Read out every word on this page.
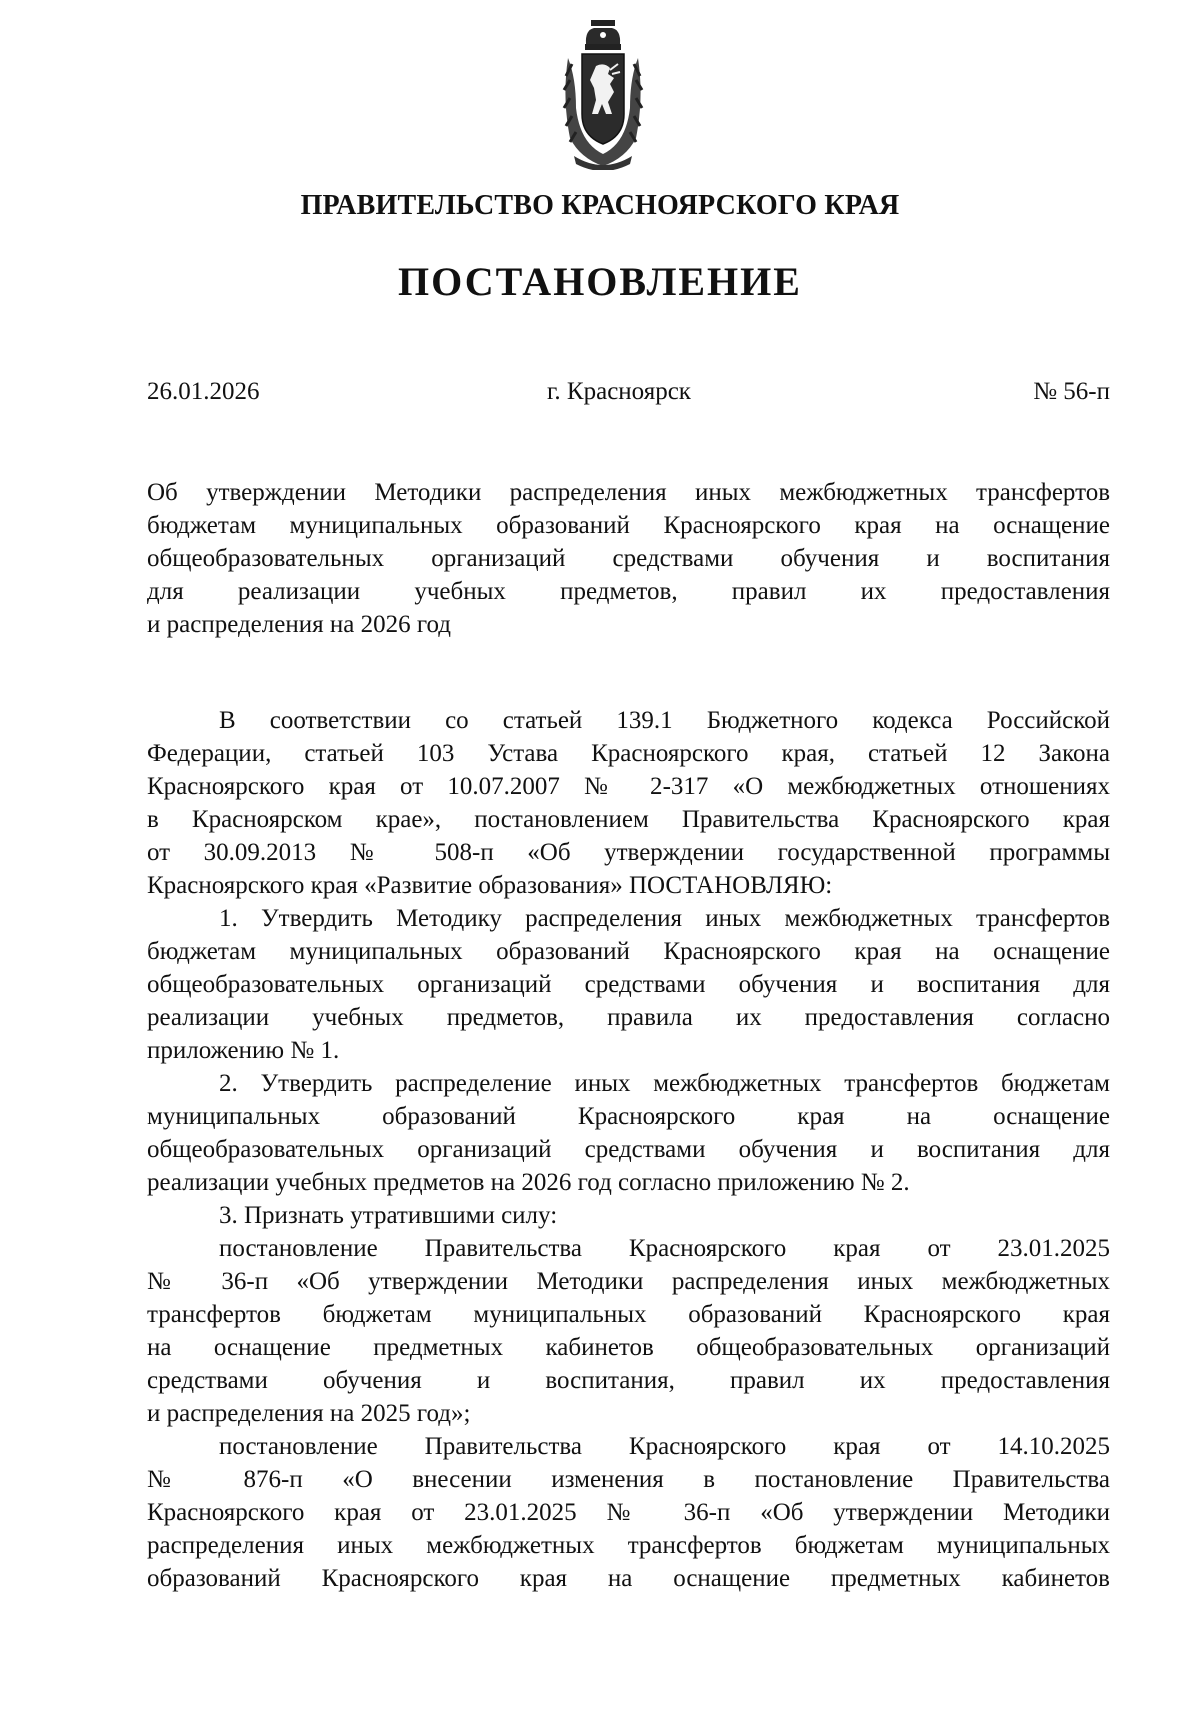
ПРАВИТЕЛЬСТВО КРАСНОЯРСКОГО КРАЯ
ПОСТАНОВЛЕНИЕ
26.01.2026	г. Красноярск	№ 56-п
Об утверждении Методики распределения иных межбюджетных трансфертов
бюджетам муниципальных образований Красноярского края на оснащение
общеобразовательных организаций средствами обучения и воспитания
для реализации учебных предметов, правил их предоставления
и распределения на 2026 год
В соответствии со статьей 139.1 Бюджетного кодекса Российской
Федерации, статьей 103 Устава Красноярского края, статьей 12 Закона
Красноярского края от 10.07.2007 № 2-317 «О межбюджетных отношениях
в Красноярском крае», постановлением Правительства Красноярского края
от 30.09.2013 № 508-п «Об утверждении государственной программы
Красноярского края «Развитие образования» ПОСТАНОВЛЯЮ:
1. Утвердить Методику распределения иных межбюджетных трансфертов
бюджетам муниципальных образований Красноярского края на оснащение
общеобразовательных организаций средствами обучения и воспитания для
реализации учебных предметов, правила их предоставления согласно
приложению № 1.
2. Утвердить распределение иных межбюджетных трансфертов бюджетам
муниципальных образований Красноярского края на оснащение
общеобразовательных организаций средствами обучения и воспитания для
реализации учебных предметов на 2026 год согласно приложению № 2.
3. Признать утратившими силу:
постановление Правительства Красноярского края от 23.01.2025
№ 36-п «Об утверждении Методики распределения иных межбюджетных
трансфертов бюджетам муниципальных образований Красноярского края
на оснащение предметных кабинетов общеобразовательных организаций
средствами обучения и воспитания, правил их предоставления
и распределения на 2025 год»;
постановление Правительства Красноярского края от 14.10.2025
№ 876-п «О внесении изменения в постановление Правительства
Красноярского края от 23.01.2025 № 36-п «Об утверждении Методики
распределения иных межбюджетных трансфертов бюджетам муниципальных
образований Красноярского края на оснащение предметных кабинетов
